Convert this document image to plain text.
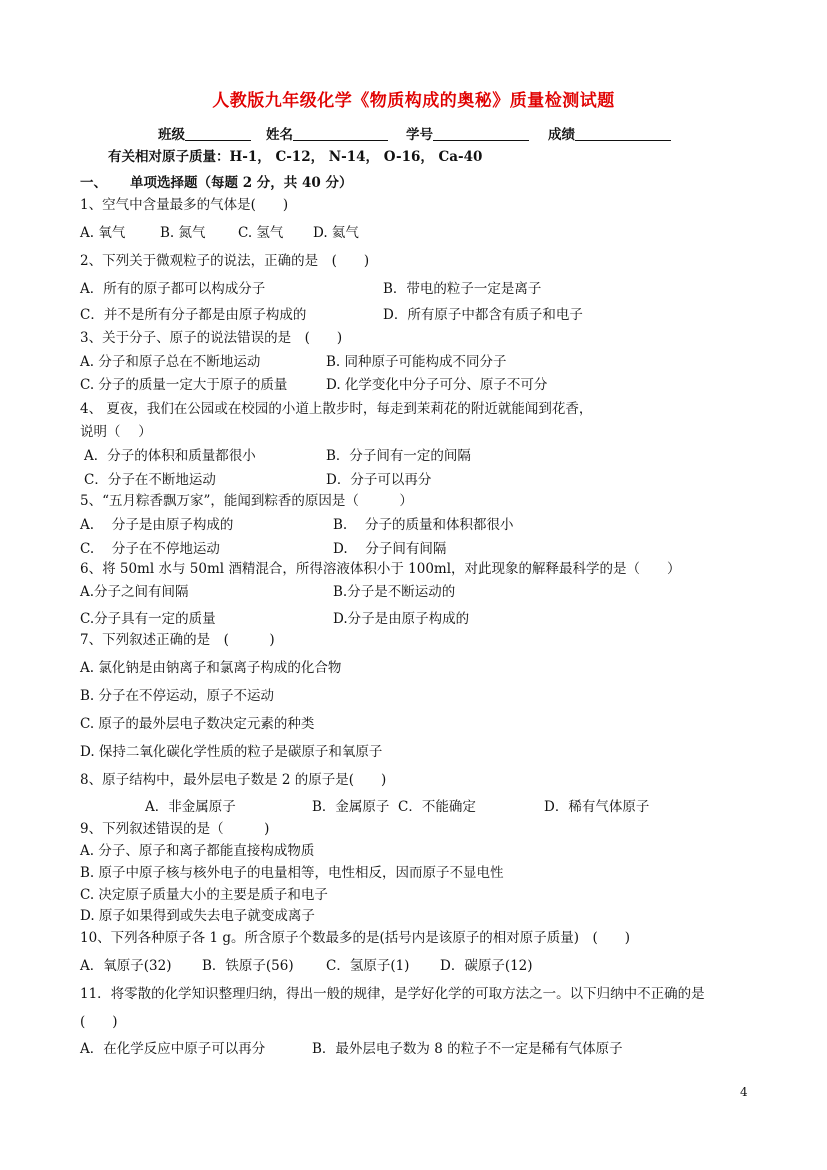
人教版九年级化学《物质构成的奥秘》质量检测试题
班级	姓名	学号	成绩
有关相对原子质量：H-1， C-12， N-14， O-16， Ca-40
一、 单项选择题（每题 2 分，共 40 分）
1、空气中含量最多的气体是(　　)
A. 氧气	B. 氮气 C. 氢气 D. 氦气
2、下列关于微观粒子的说法，正确的是　(　　)
A．所有的原子都可以构成分子	B．带电的粒子一定是离子
C．并不是所有分子都是由原子构成的	D．所有原子中都含有质子和电子
3、关于分子、原子的说法错误的是　(　　)
A. 分子和原子总在不断地运动	B. 同种原子可能构成不同分子
C. 分子的质量一定大于原子的质量	D. 化学变化中分子可分、原子不可分
4、 夏夜，我们在公园或在校园的小道上散步时，每走到茉莉花的附近就能闻到花香，
说明（　 ）
A．分子的体积和质量都很小	B．分子间有一定的间隔
C．分子在不断地运动	D．分子可以再分
5、“五月粽香飘万家”，能闻到粽香的原因是（　　　）
A.　 分子是由原子构成的	B.　 分子的质量和体积都很小
C.　 分子在不停地运动	D.　 分子间有间隔
6、将 50ml 水与 50ml 酒精混合，所得溶液体积小于 100ml，对此现象的解释最科学的是（　　）
A.分子之间有间隔	B.分子是不断运动的
C.分子具有一定的质量	D.分子是由原子构成的
7、下列叙述正确的是　(　　　)
A. 氯化钠是由钠离子和氯离子构成的化合物
B. 分子在不停运动，原子不运动
C. 原子的最外层电子数决定元素的种类
D. 保持二氧化碳化学性质的粒子是碳原子和氧原子
8、原子结构中，最外层电子数是 2 的原子是(　　)
A．非金属原子	B．金属原子 C．不能确定	D．稀有气体原子
9、下列叙述错误的是（　　　)
A. 分子、原子和离子都能直接构成物质
B. 原子中原子核与核外电子的电量相等，电性相反，因而原子不显电性
C. 决定原子质量大小的主要是质子和电子
D. 原子如果得到或失去电子就变成离子
10、下列各种原子各 1 g。所含原子个数最多的是(括号内是该原子的相对原子质量)　(　　)
A．氧原子(32) B．铁原子(56) C．氢原子(1) D．碳原子(12)
11．将零散的化学知识整理归纳，得出一般的规律，是学好化学的可取方法之一。以下归纳中不正确的是
(　　)
A．在化学反应中原子可以再分	B．最外层电子数为 8 的粒子不一定是稀有气体原子
4
